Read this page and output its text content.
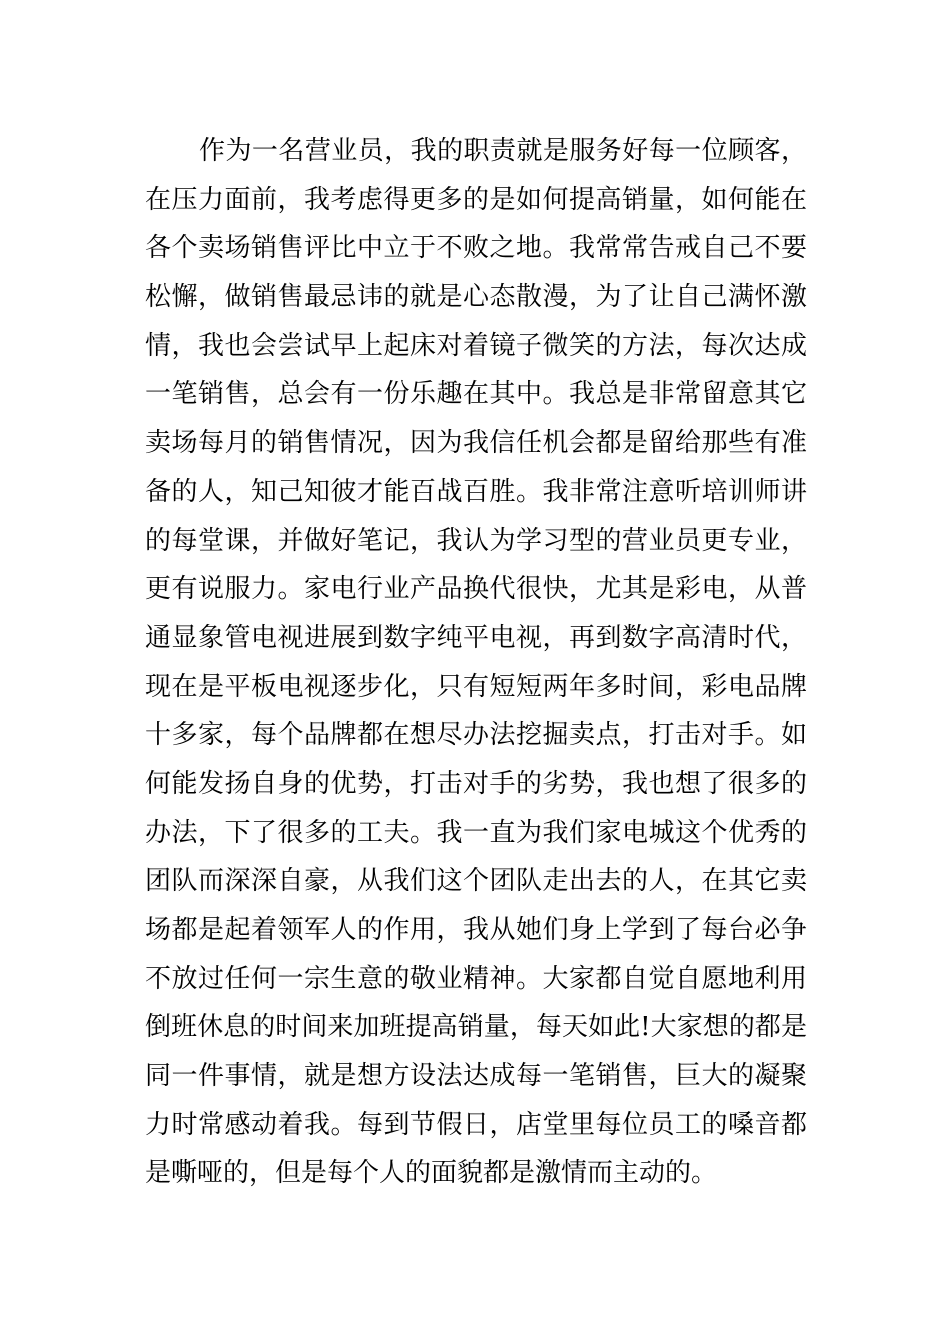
作为一名营业员，我的职责就是服务好每一位顾客，
在压力面前，我考虑得更多的是如何提高销量，如何能在
各个卖场销售评比中立于不败之地。我常常告戒自己不要
松懈，做销售最忌讳的就是心态散漫，为了让自己满怀激
情，我也会尝试早上起床对着镜子微笑的方法，每次达成
一笔销售，总会有一份乐趣在其中。我总是非常留意其它
卖场每月的销售情况，因为我信任机会都是留给那些有准
备的人，知己知彼才能百战百胜。我非常注意听培训师讲
的每堂课，并做好笔记，我认为学习型的营业员更专业，
更有说服力。家电行业产品换代很快，尤其是彩电，从普
通显象管电视进展到数字纯平电视，再到数字高清时代，
现在是平板电视逐步化，只有短短两年多时间，彩电品牌
十多家，每个品牌都在想尽办法挖掘卖点，打击对手。如
何能发扬自身的优势，打击对手的劣势，我也想了很多的
办法，下了很多的工夫。我一直为我们家电城这个优秀的
团队而深深自豪，从我们这个团队走出去的人，在其它卖
场都是起着领军人的作用，我从她们身上学到了每台必争
不放过任何一宗生意的敬业精神。大家都自觉自愿地利用
倒班休息的时间来加班提高销量，每天如此!大家想的都是
同一件事情，就是想方设法达成每一笔销售，巨大的凝聚
力时常感动着我。每到节假日，店堂里每位员工的嗓音都
是嘶哑的，但是每个人的面貌都是激情而主动的。
